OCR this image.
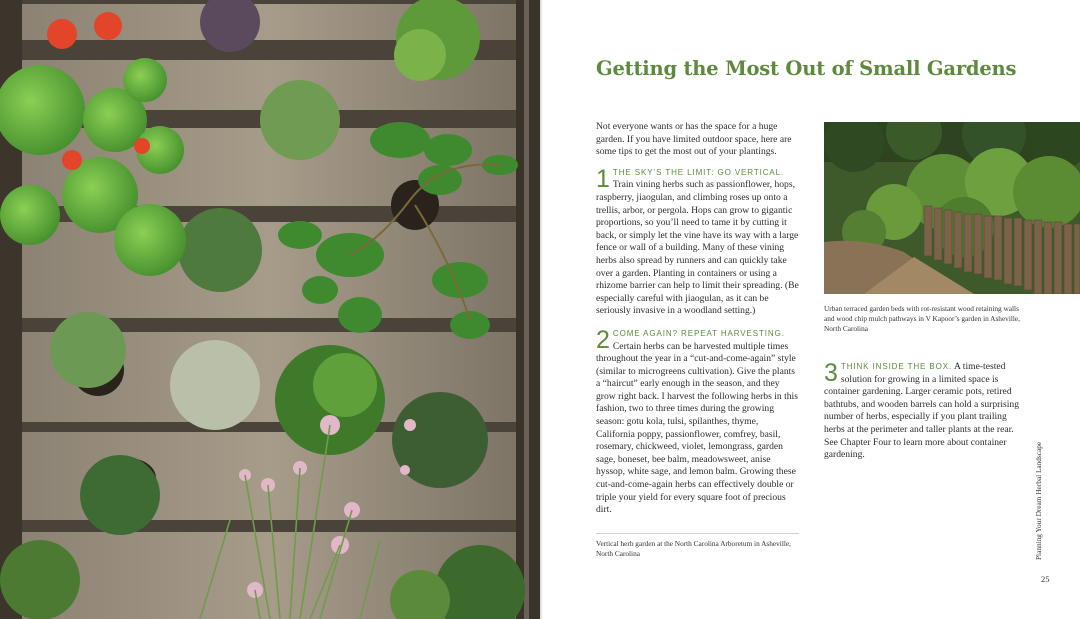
Getting the Most Out of Small Gardens

Not everyone wants or has the space for a huge garden. If you have limited outdoor space, here are some tips to get the most out of your plantings.

1 THE SKY’S THE LIMIT: GO VERTICAL. Train vining herbs such as passionflower, hops, raspberry, jiaogulan, and climbing roses up onto a trellis, arbor, or pergola. Hops can grow to gigantic proportions, so you’ll need to tame it by cutting it back, or simply let the vine have its way with a large fence or wall of a building. Many of these vining herbs also spread by runners and can quickly take over a garden. Planting in containers or using a rhizome barrier can help to limit their spreading. (Be especially careful with jiaogulan, as it can be seriously invasive in a woodland setting.)

2 COME AGAIN? REPEAT HARVESTING. Certain herbs can be harvested multiple times throughout the year in a “cut-and-come-again” style (similar to microgreens cultivation). Give the plants a “haircut” early enough in the season, and they grow right back. I harvest the following herbs in this fashion, two to three times during the growing season: gotu kola, tulsi, spilanthes, thyme, California poppy, passionflower, comfrey, basil, rosemary, chickweed, violet, lemongrass, garden sage, boneset, bee balm, meadowsweet, anise hyssop, white sage, and lemon balm. Growing these cut-and-come-again herbs can effectively double or triple your yield for every square foot of precious dirt.

Vertical herb garden at the North Carolina Arboretum in Asheville, North Carolina
Urban terraced garden beds with rot-resistant wood retaining walls and wood chip mulch pathways in V Kapoor’s garden in Asheville, North Carolina

3 THINK INSIDE THE BOX. A time-tested solution for growing in a limited space is container gardening. Larger ceramic pots, retired bathtubs, and wooden barrels can hold a surprising number of herbs, especially if you plant trailing herbs at the perimeter and taller plants at the rear. See Chapter Four to learn more about container gardening.	Planning Your Dream Herbal Landscape
25
